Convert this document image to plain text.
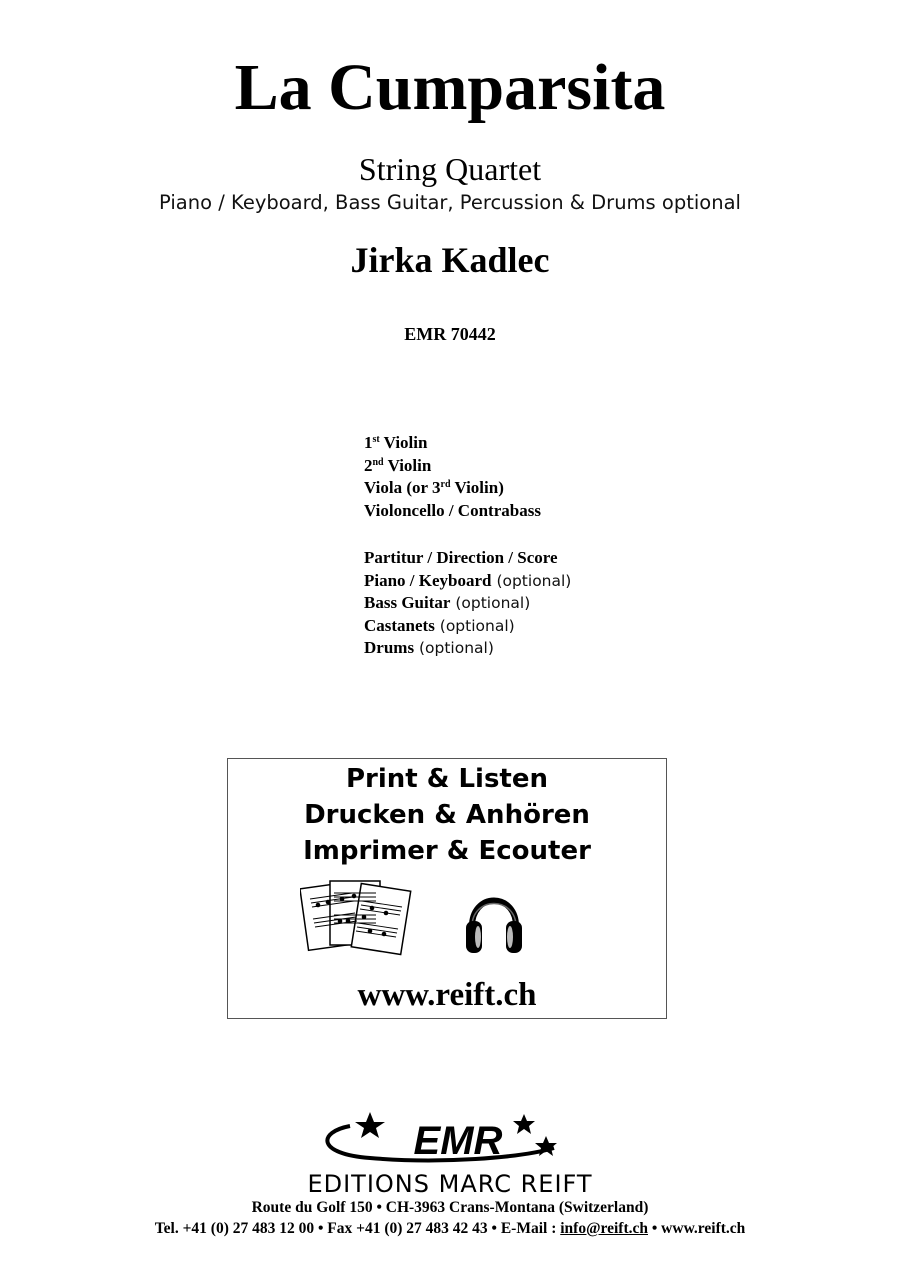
La Cumparsita
String Quartet
Piano / Keyboard, Bass Guitar, Percussion & Drums optional
Jirka Kadlec
EMR 70442
1st Violin
2nd Violin
Viola (or 3rd Violin)
Violoncello / Contrabass
Partitur / Direction / Score
Piano / Keyboard (optional)
Bass Guitar (optional)
Castanets (optional)
Drums (optional)
Print & Listen
Drucken & Anhören
Imprimer & Ecouter
www.reift.ch
EMR
EDITIONS MARC REIFT
Route du Golf 150 • CH-3963 Crans-Montana (Switzerland)
Tel. +41 (0) 27 483 12 00 • Fax +41 (0) 27 483 42 43 • E-Mail : info@reift.ch • www.reift.ch
